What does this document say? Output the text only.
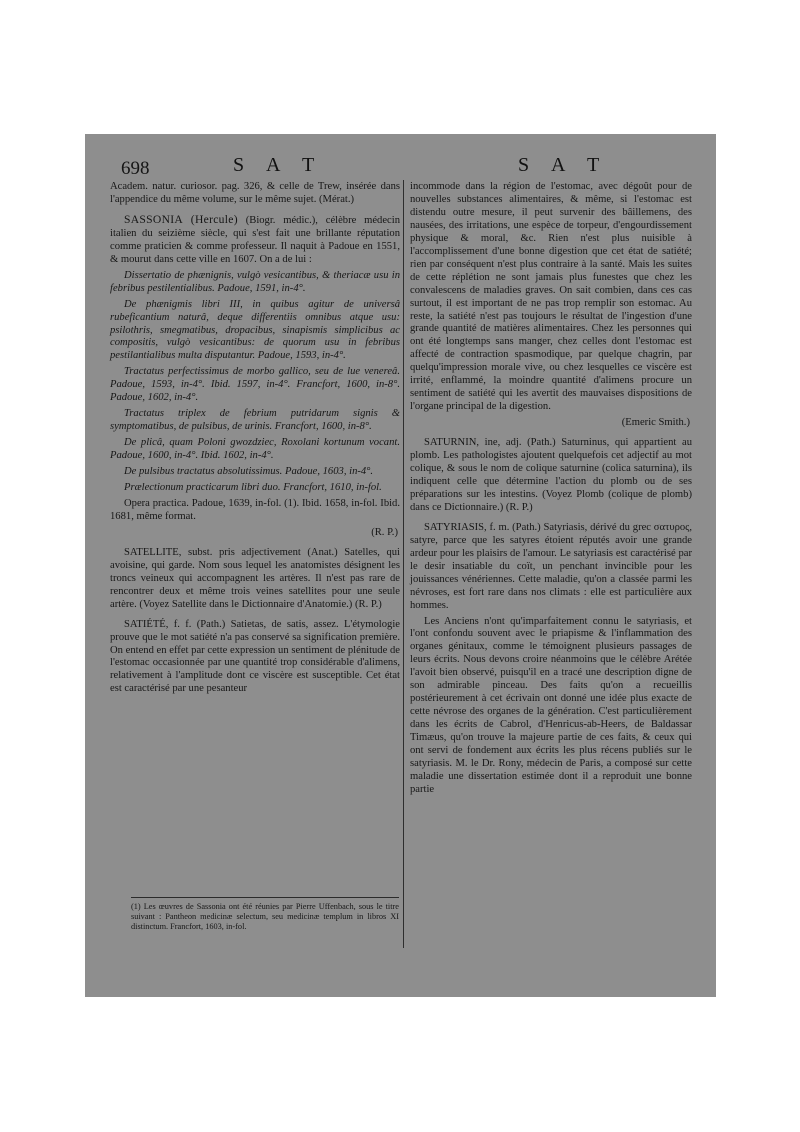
698	S A T	S A T

Academ. natur. curiosor. pag. 326, & celle de Trew, insérée dans l'appendice du même volume, sur le même sujet. (Mérat.)

SASSONIA (Hercule) (Biogr. médic.), célèbre médecin italien du seizième siècle, qui s'est fait une brillante réputation comme praticien & comme professeur. Il naquit à Padoue en 1551, & mourut dans cette ville en 1607. On a de lui :

Dissertatio de phænignis, vulgò vesicantibus, & theriacæ usu in febribus pestilentialibus. Padoue, 1591, in-4°.

De phænigmis libri III, in quibus agitur de universâ rubeficantium naturâ, deque differentiis omnibus atque usu: psilothris, smegmatibus, dropacibus, sinapismis simplicibus ac compositis, vulgò vesicantibus: de quorum usu in febribus pestilantialibus multa disputantur. Padoue, 1593, in-4°.

Tractatus perfectissimus de morbo gallico, seu de lue venereâ. Padoue, 1593, in-4°. Ibid. 1597, in-4°. Francfort, 1600, in-8°. Padoue, 1602, in-4°.

Tractatus triplex de febrium putridarum signis & symptomatibus, de pulsibus, de urinis. Francfort, 1600, in-8°.

De plicâ, quam Poloni gwozdziec, Roxolani kortunum vocant. Padoue, 1600, in-4°. Ibid. 1602, in-4°.

De pulsibus tractatus absolutissimus. Padoue, 1603, in-4°.

Prælectionum practicarum libri duo. Francfort, 1610, in-fol.

Opera practica. Padoue, 1639, in-fol. (1). Ibid. 1658, in-fol. Ibid. 1681, même format.

(R. P.)

SATELLITE, subst. pris adjectivement (Anat.) Satelles, qui avoisine, qui garde. Nom sous lequel les anatomistes désignent les troncs veineux qui accompagnent les artères. Il n'est pas rare de rencontrer deux et même trois veines satellites pour une seule artère. (Voyez Satellite dans le Dictionnaire d'Anatomie.) (R. P.)

SATIÉTÉ, f. f. (Path.) Satietas, de satis, assez. L'étymologie prouve que le mot satiété n'a pas conservé sa signification première. On entend en effet par cette expression un sentiment de plénitude de l'estomac occasionnée par une quantité trop considérable d'alimens, relativement à l'amplitude dont ce viscère est susceptible. Cet état est caractérisé par une pesanteur

(1) Les œuvres de Sassonia ont été réunies par Pierre Uffenbach, sous le titre suivant : Pantheon medicinæ selectum, seu medicinæ templum in libros XI distinctum. Francfort, 1603, in-fol.

incommode dans la région de l'estomac, avec dégoût pour de nouvelles substances alimentaires, & même, si l'estomac est distendu outre mesure, il peut survenir des bâillemens, des nausées, des irritations, une espèce de torpeur, d'engourdissement physique & moral, &c. Rien n'est plus nuisible à l'accomplissement d'une bonne digestion que cet état de satiété; rien par conséquent n'est plus contraire à la santé. Mais les suites de cette réplétion ne sont jamais plus funestes que chez les convalescens de maladies graves. On sait combien, dans ces cas surtout, il est important de ne pas trop remplir son estomac. Au reste, la satiété n'est pas toujours le résultat de l'ingestion d'une grande quantité de matières alimentaires. Chez les personnes qui ont été longtemps sans manger, chez celles dont l'estomac est affecté de contraction spasmodique, par quelque chagrin, par quelqu'impression morale vive, ou chez lesquelles ce viscère est irrité, enflammé, la moindre quantité d'alimens procure un sentiment de satiété qui les avertit des mauvaises dispositions de l'organe principal de la digestion.

(Emeric Smith.)

SATURNIN, ine, adj. (Path.) Saturninus, qui appartient au plomb. Les pathologistes ajoutent quelquefois cet adjectif au mot colique, & sous le nom de colique saturnine (colica saturnina), ils indiquent celle que détermine l'action du plomb ou de ses préparations sur les intestins. (Voyez Plomb (colique de plomb) dans ce Dictionnaire.) (R. P.)

SATYRIASIS, f. m. (Path.) Satyriasis, dérivé du grec σατυρος, satyre, parce que les satyres étoient réputés avoir une grande ardeur pour les plaisirs de l'amour. Le satyriasis est caractérisé par le desir insatiable du coït, un penchant invincible pour les jouissances vénériennes. Cette maladie, qu'on a classée parmi les névroses, est fort rare dans nos climats : elle est particulière aux hommes.

Les Anciens n'ont qu'imparfaitement connu le satyriasis, et l'ont confondu souvent avec le priapisme & l'inflammation des organes génitaux, comme le témoignent plusieurs passages de leurs écrits. Nous devons croire néanmoins que le célèbre Arétée l'avoit bien observé, puisqu'il en a tracé une description digne de son admirable pinceau. Des faits qu'on a recueillis postérieurement à cet écrivain ont donné une idée plus exacte de cette névrose des organes de la génération. C'est particulièrement dans les écrits de Cabrol, d'Henricus-ab-Heers, de Baldassar Timæus, qu'on trouve la majeure partie de ces faits, & ceux qui ont servi de fondement aux écrits les plus récens publiés sur le satyriasis. M. le Dr. Rony, médecin de Paris, a composé sur cette maladie une dissertation estimée dont il a reproduit une bonne partie
